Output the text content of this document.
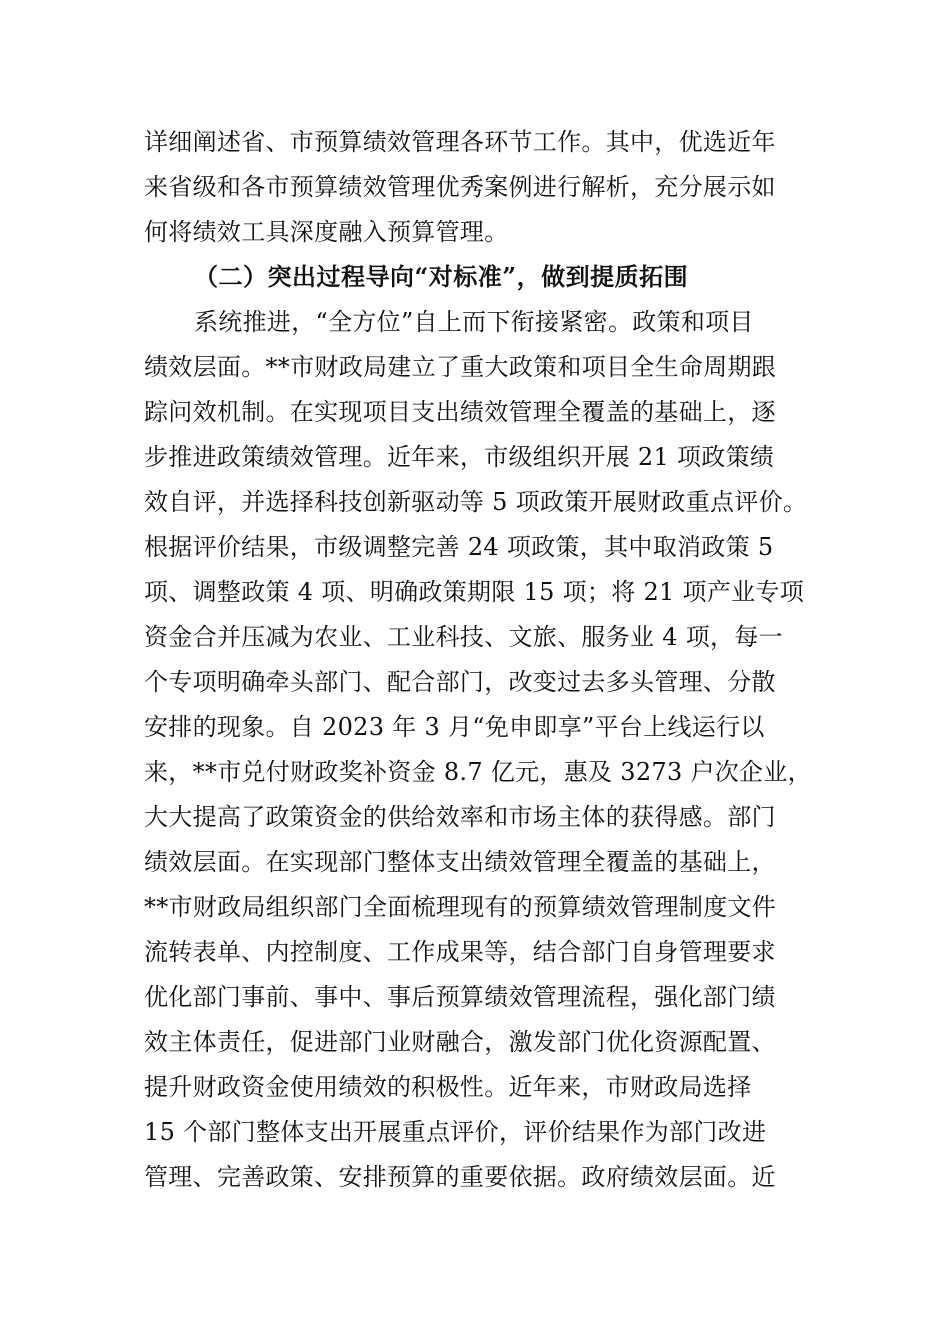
详细阐述省、市预算绩效管理各环节工作。其中，优选近年
来省级和各市预算绩效管理优秀案例进行解析，充分展示如
何将绩效工具深度融入预算管理。
（二）突出过程导向“对标准”，做到提质拓围
系统推进，“全方位”自上而下衔接紧密。政策和项目
绩效层面。**市财政局建立了重大政策和项目全生命周期跟
踪问效机制。在实现项目支出绩效管理全覆盖的基础上，逐
步推进政策绩效管理。近年来，市级组织开展 21 项政策绩
效自评，并选择科技创新驱动等 5 项政策开展财政重点评价。
根据评价结果，市级调整完善 24 项政策，其中取消政策 5
项、调整政策 4 项、明确政策期限 15 项；将 21 项产业专项
资金合并压减为农业、工业科技、文旅、服务业 4 项，每一
个专项明确牵头部门、配合部门，改变过去多头管理、分散
安排的现象。自 2023 年 3 月“免申即享”平台上线运行以
来，**市兑付财政奖补资金 8.7 亿元，惠及 3273 户次企业，
大大提高了政策资金的供给效率和市场主体的获得感。部门
绩效层面。在实现部门整体支出绩效管理全覆盖的基础上，
**市财政局组织部门全面梳理现有的预算绩效管理制度文件
流转表单、内控制度、工作成果等，结合部门自身管理要求
优化部门事前、事中、事后预算绩效管理流程，强化部门绩
效主体责任，促进部门业财融合，激发部门优化资源配置、
提升财政资金使用绩效的积极性。近年来，市财政局选择
15 个部门整体支出开展重点评价，评价结果作为部门改进
管理、完善政策、安排预算的重要依据。政府绩效层面。近
